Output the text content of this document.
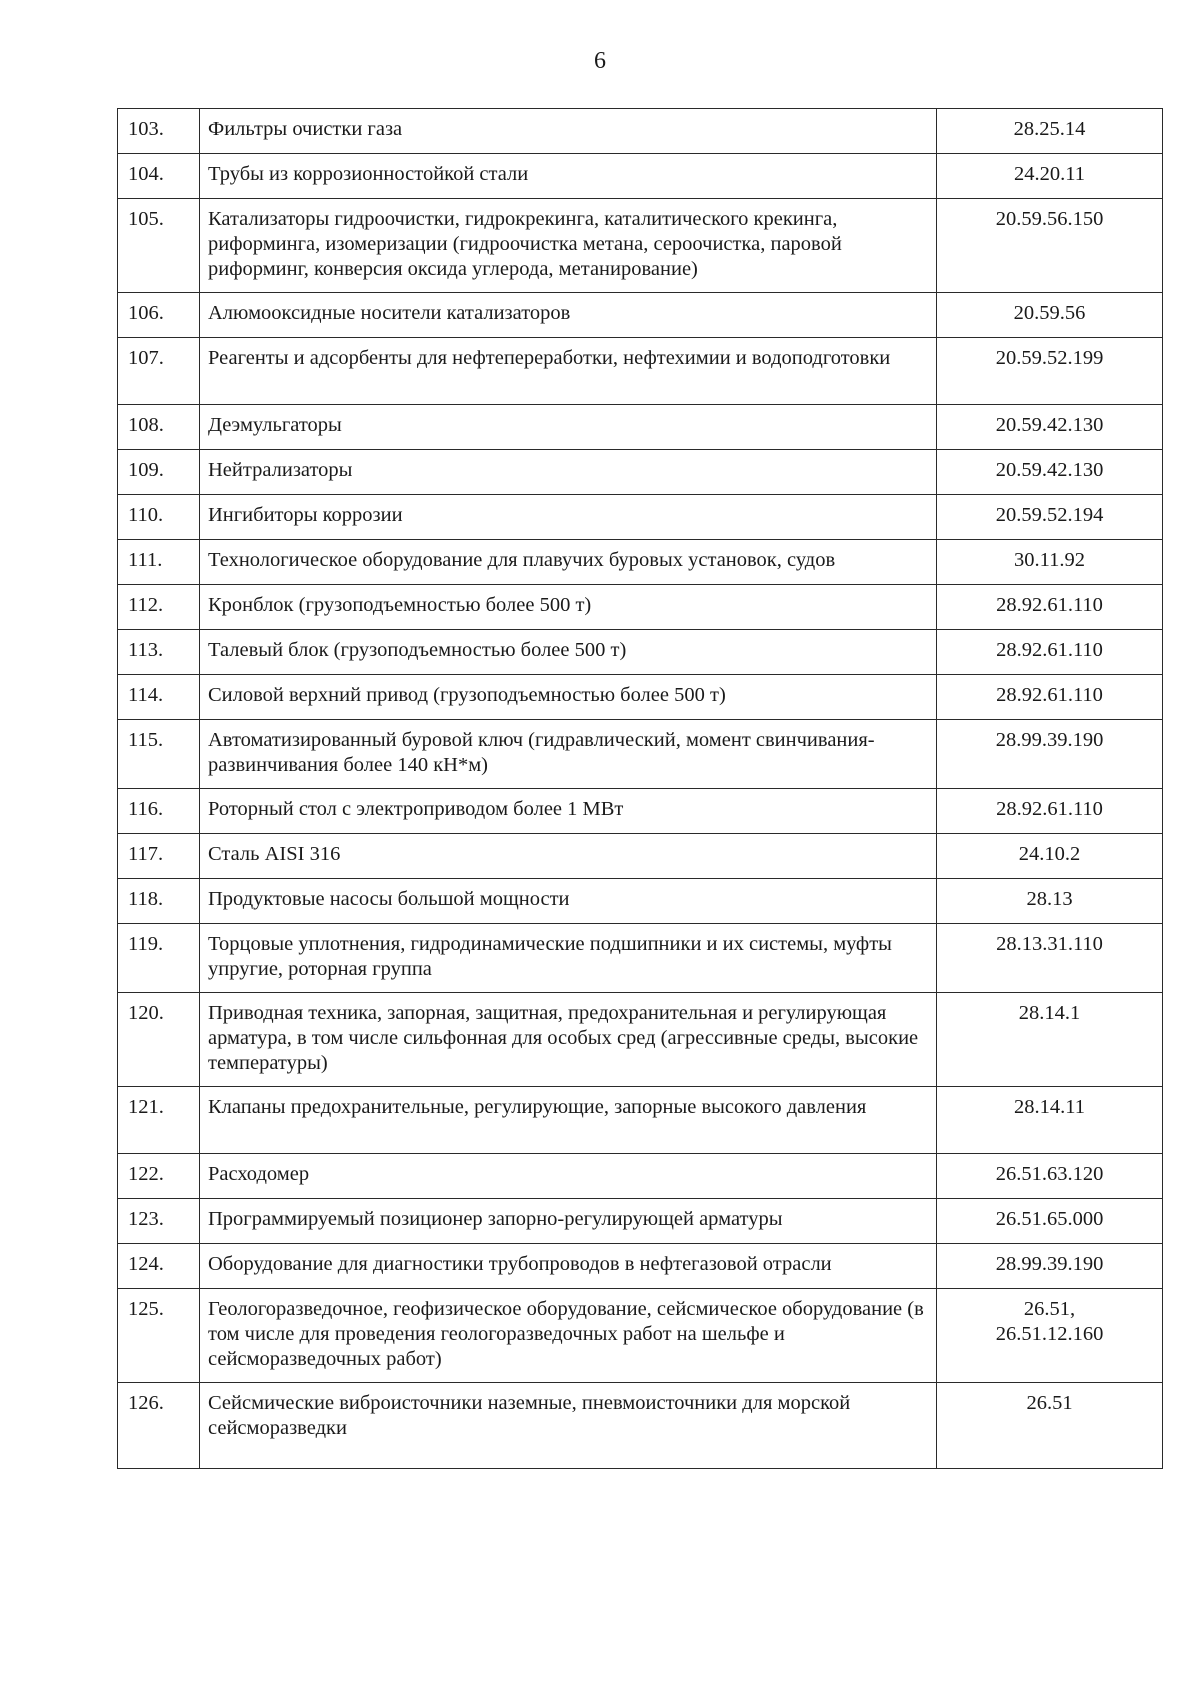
6
103.	Фильтры очистки газа	28.25.14

104.	Трубы из коррозионностойкой стали	24.20.11

105.	Катализаторы гидроочистки, гидрокрекинга, каталитического крекинга, риформинга, изомеризации (гидроочистка метана, сероочистка, паровой риформинг, конверсия оксида углерода, метанирование)	20.59.56.150

106.	Алюмооксидные носители катализаторов	20.59.56

107.	Реагенты и адсорбенты для нефтепереработки, нефтехимии и водоподготовки	20.59.52.199

108.	Деэмульгаторы	20.59.42.130

109.	Нейтрализаторы	20.59.42.130

110.	Ингибиторы коррозии	20.59.52.194

111.	Технологическое оборудование для плавучих буровых установок, судов	30.11.92

112.	Кронблок (грузоподъемностью более 500 т)	28.92.61.110

113.	Талевый блок (грузоподъемностью более 500 т)	28.92.61.110

114.	Силовой верхний привод (грузоподъемностью более 500 т)	28.92.61.110

115.	Автоматизированный буровой ключ (гидравлический, момент свинчивания-развинчивания более 140 кН*м)	28.99.39.190

116.	Роторный стол с электроприводом более 1 МВт	28.92.61.110

117.	Сталь AISI 316	24.10.2

118.	Продуктовые насосы большой мощности	28.13

119.	Торцовые уплотнения, гидродинамические подшипники и их системы, муфты упругие, роторная группа	28.13.31.110

120.	Приводная техника, запорная, защитная, предохранительная и регулирующая арматура, в том числе сильфонная для особых сред (агрессивные среды, высокие температуры)	28.14.1

121.	Клапаны предохранительные, регулирующие, запорные высокого давления	28.14.11

122.	Расходомер	26.51.63.120

123.	Программируемый позиционер запорно-регулирующей арматуры	26.51.65.000

124.	Оборудование для диагностики трубопроводов в нефтегазовой отрасли	28.99.39.190

125.	Геологоразведочное, геофизическое оборудование, сейсмическое оборудование (в том числе для проведения геологоразведочных работ на шельфе и сейсморазведочных работ)	26.51,
26.51.12.160

126.	Сейсмические виброисточники наземные, пневмоисточники для морской сейсморазведки	26.51
